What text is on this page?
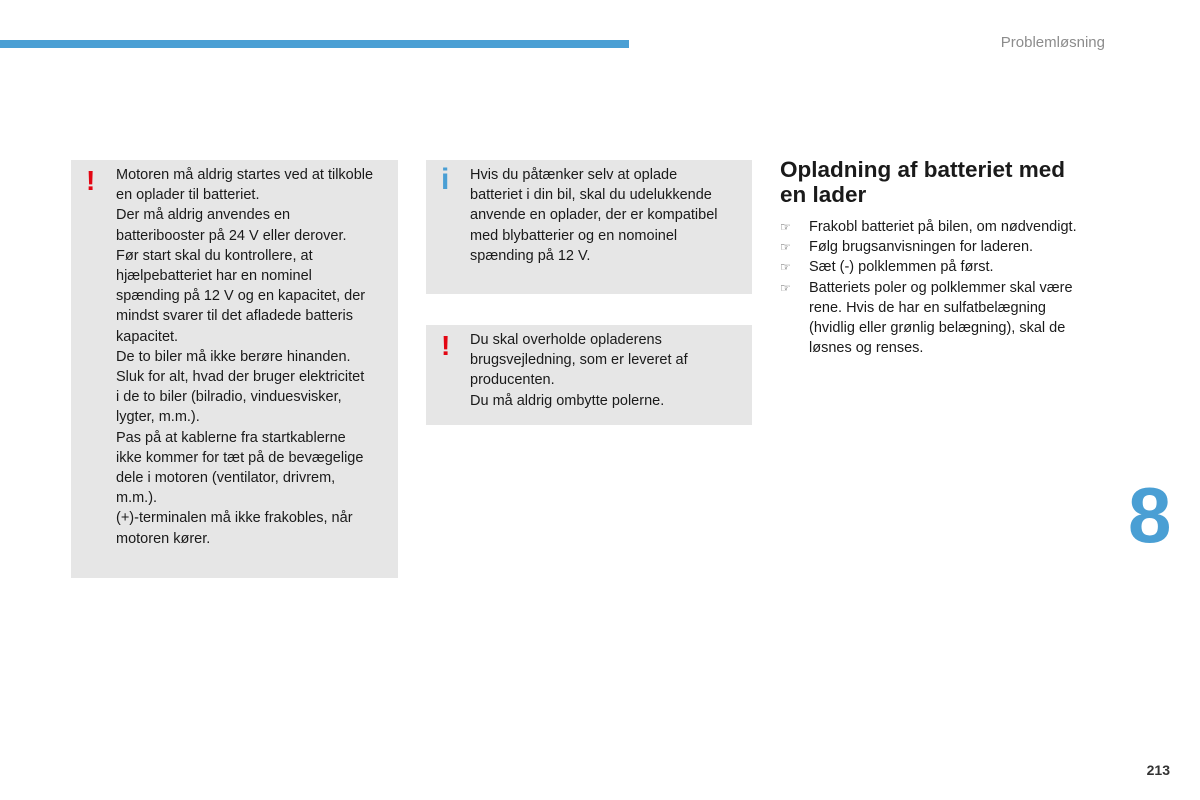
Problemløsning
! Motoren må aldrig startes ved at tilkoble
en oplader til batteriet.
Der må aldrig anvendes en
batteribooster på 24 V eller derover.
Før start skal du kontrollere, at
hjælpebatteriet har en nominel
spænding på 12 V og en kapacitet, der
mindst svarer til det afladede batteris
kapacitet.
De to biler må ikke berøre hinanden.
Sluk for alt, hvad der bruger elektricitet
i de to biler (bilradio, vinduesvisker,
lygter, m.m.).
Pas på at kablerne fra startkablerne
ikke kommer for tæt på de bevægelige
dele i motoren (ventilator, drivrem,
m.m.).
(+)-terminalen må ikke frakobles, når
motoren kører.
i Hvis du påtænker selv at oplade
batteriet i din bil, skal du udelukkende
anvende en oplader, der er kompatibel
med blybatterier og en nomoinel
spænding på 12 V.
! Du skal overholde opladerens
brugsvejledning, som er leveret af
producenten.
Du må aldrig ombytte polerne.
Opladning af batteriet med
en lader
☞ Frakobl batteriet på bilen, om nødvendigt.
☞ Følg brugsanvisningen for laderen.
☞ Sæt (-) polklemmen på først.
☞ Batteriets poler og polklemmer skal være
rene. Hvis de har en sulfatbelægning
(hvidlig eller grønlig belægning), skal de
løsnes og renses.
8
213
